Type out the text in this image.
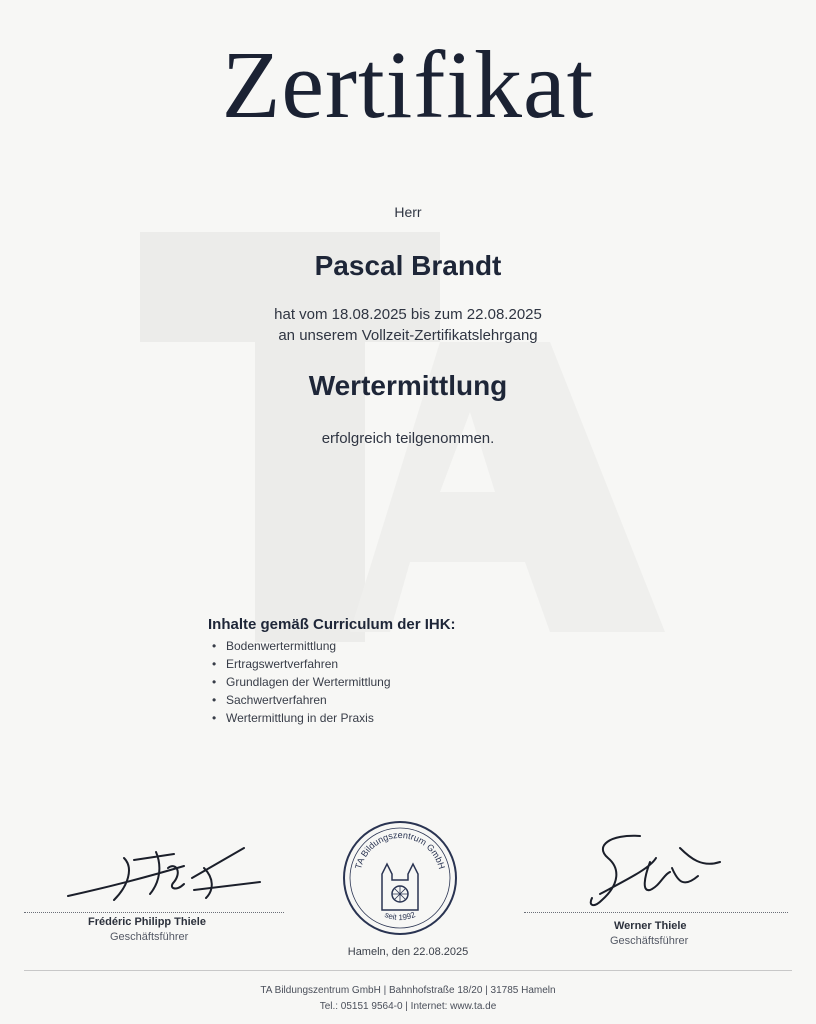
Zertifikat
Herr
Pascal Brandt
hat vom 18.08.2025 bis zum 22.08.2025
an unserem Vollzeit-Zertifikatslehrgang
Wertermittlung
erfolgreich teilgenommen.
Inhalte gemäß Curriculum der IHK:
• Bodenwertermittlung
• Ertragswertverfahren
• Grundlagen der Wertermittlung
• Sachwertverfahren
• Wertermittlung in der Praxis
Frédéric Philipp Thiele
Geschäftsführer
TA Bildungszentrum GmbH
seit 1992
Werner Thiele
Geschäftsführer
Hameln, den 22.08.2025
TA Bildungszentrum GmbH | Bahnhofstraße 18/20 | 31785 Hameln
Tel.: 05151 9564-0 | Internet: www.ta.de
